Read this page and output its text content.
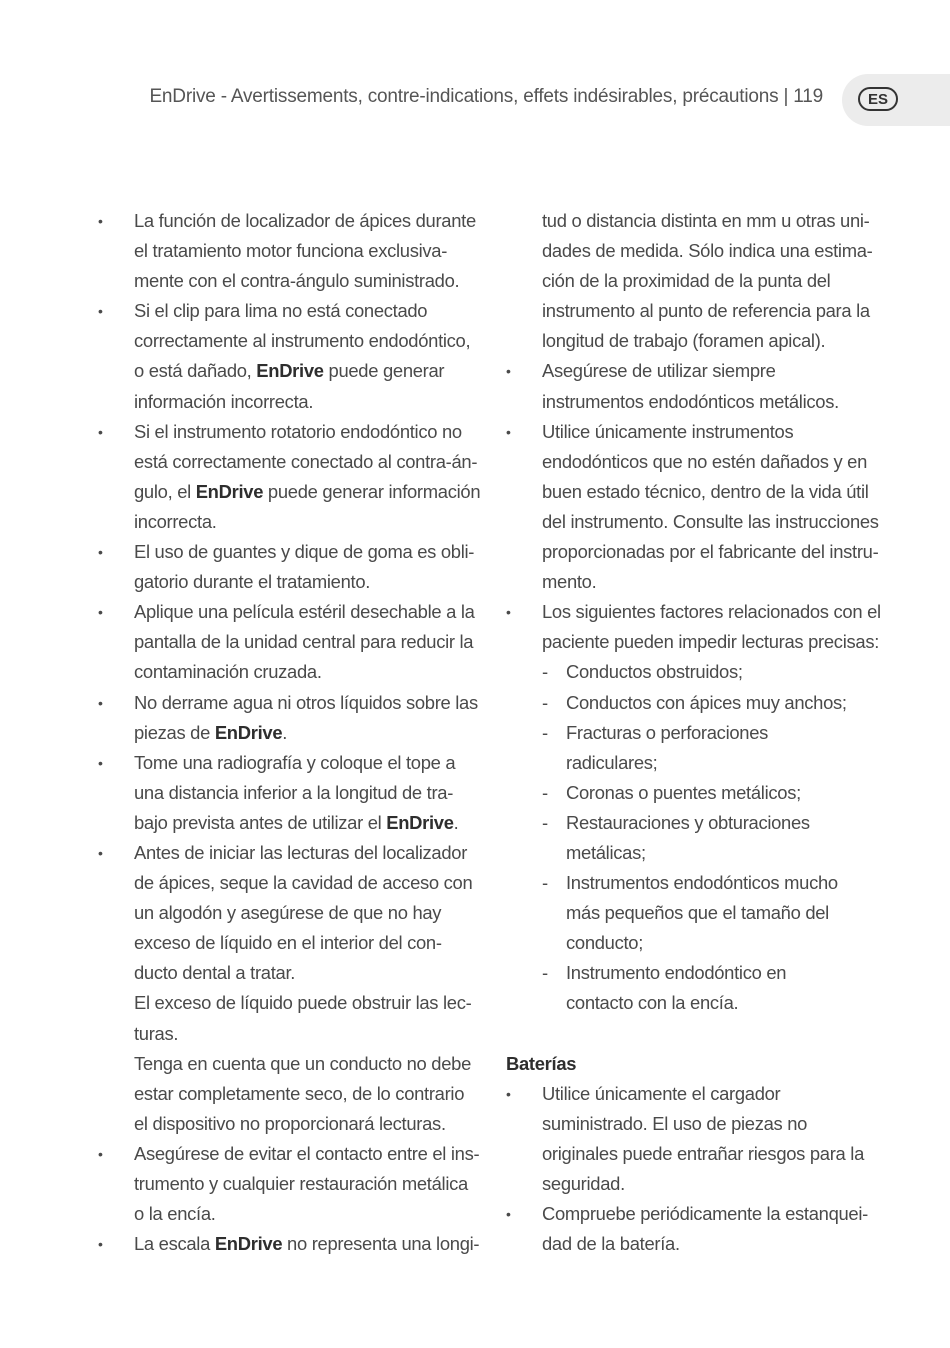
EnDrive - Avertissements, contre-indications, effets indésirables, précautions | 119	ES
• La función de localizador de ápices durante
el tratamiento motor funciona exclusiva-
mente con el contra-ángulo suministrado.
• Si el clip para lima no está conectado
correctamente al instrumento endodóntico,
o está dañado, EnDrive puede generar
información incorrecta.
• Si el instrumento rotatorio endodóntico no
está correctamente conectado al contra-án-
gulo, el EnDrive puede generar información
incorrecta.
• El uso de guantes y dique de goma es obli-
gatorio durante el tratamiento.
• Aplique una película estéril desechable a la
pantalla de la unidad central para reducir la
contaminación cruzada.
• No derrame agua ni otros líquidos sobre las
piezas de EnDrive.
• Tome una radiografía y coloque el tope a
una distancia inferior a la longitud de tra-
bajo prevista antes de utilizar el EnDrive.
• Antes de iniciar las lecturas del localizador
de ápices, seque la cavidad de acceso con
un algodón y asegúrese de que no hay
exceso de líquido en el interior del con-
ducto dental a tratar.
El exceso de líquido puede obstruir las lec-
turas.
Tenga en cuenta que un conducto no debe
estar completamente seco, de lo contrario
el dispositivo no proporcionará lecturas.
• Asegúrese de evitar el contacto entre el ins-
trumento y cualquier restauración metálica
o la encía.
• La escala EnDrive no representa una longi-
tud o distancia distinta en mm u otras uni-
dades de medida. Sólo indica una estima-
ción de la proximidad de la punta del
instrumento al punto de referencia para la
longitud de trabajo (foramen apical).
• Asegúrese de utilizar siempre
instrumentos endodónticos metálicos.
• Utilice únicamente instrumentos
endodónticos que no estén dañados y en
buen estado técnico, dentro de la vida útil
del instrumento. Consulte las instrucciones
proporcionadas por el fabricante del instru-
mento.
• Los siguientes factores relacionados con el
paciente pueden impedir lecturas precisas:
- Conductos obstruidos;
- Conductos con ápices muy anchos;
- Fracturas o perforaciones
radiculares;
- Coronas o puentes metálicos;
- Restauraciones y obturaciones
metálicas;
- Instrumentos endodónticos mucho
más pequeños que el tamaño del
conducto;
- Instrumento endodóntico en
contacto con la encía.
Baterías
• Utilice únicamente el cargador
suministrado. El uso de piezas no
originales puede entrañar riesgos para la
seguridad.
• Compruebe periódicamente la estanquei-
dad de la batería.
